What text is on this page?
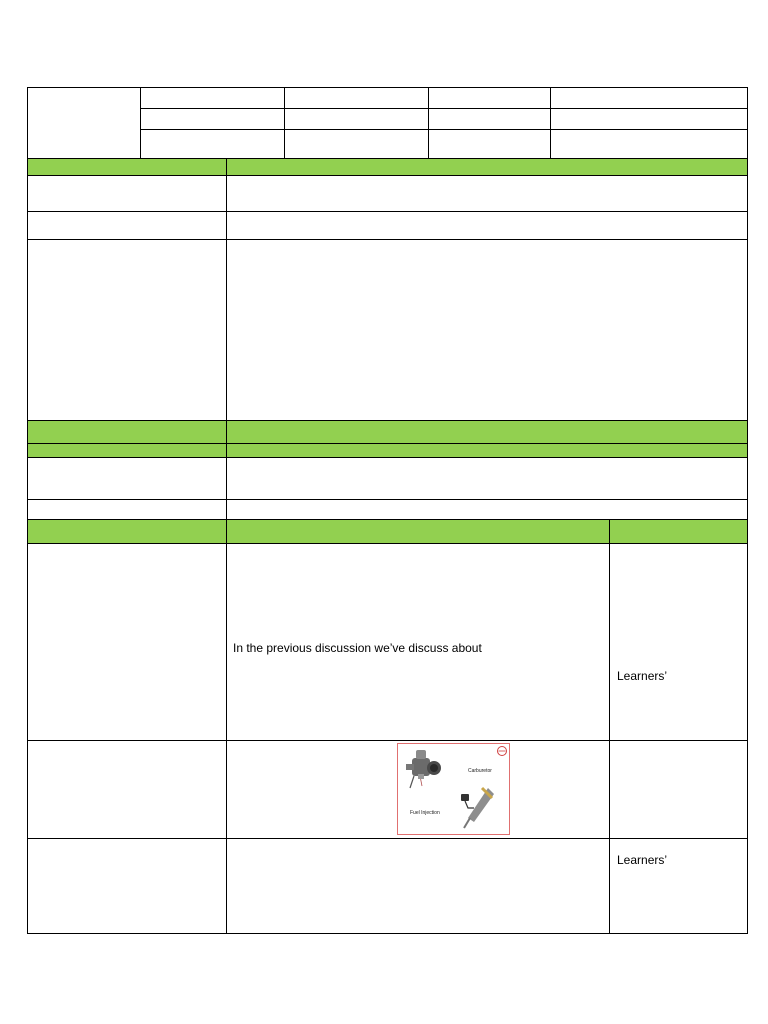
In the previous discussion we’ve discuss about
Learners’
Carburetor
Fuel Injection
Learners’
